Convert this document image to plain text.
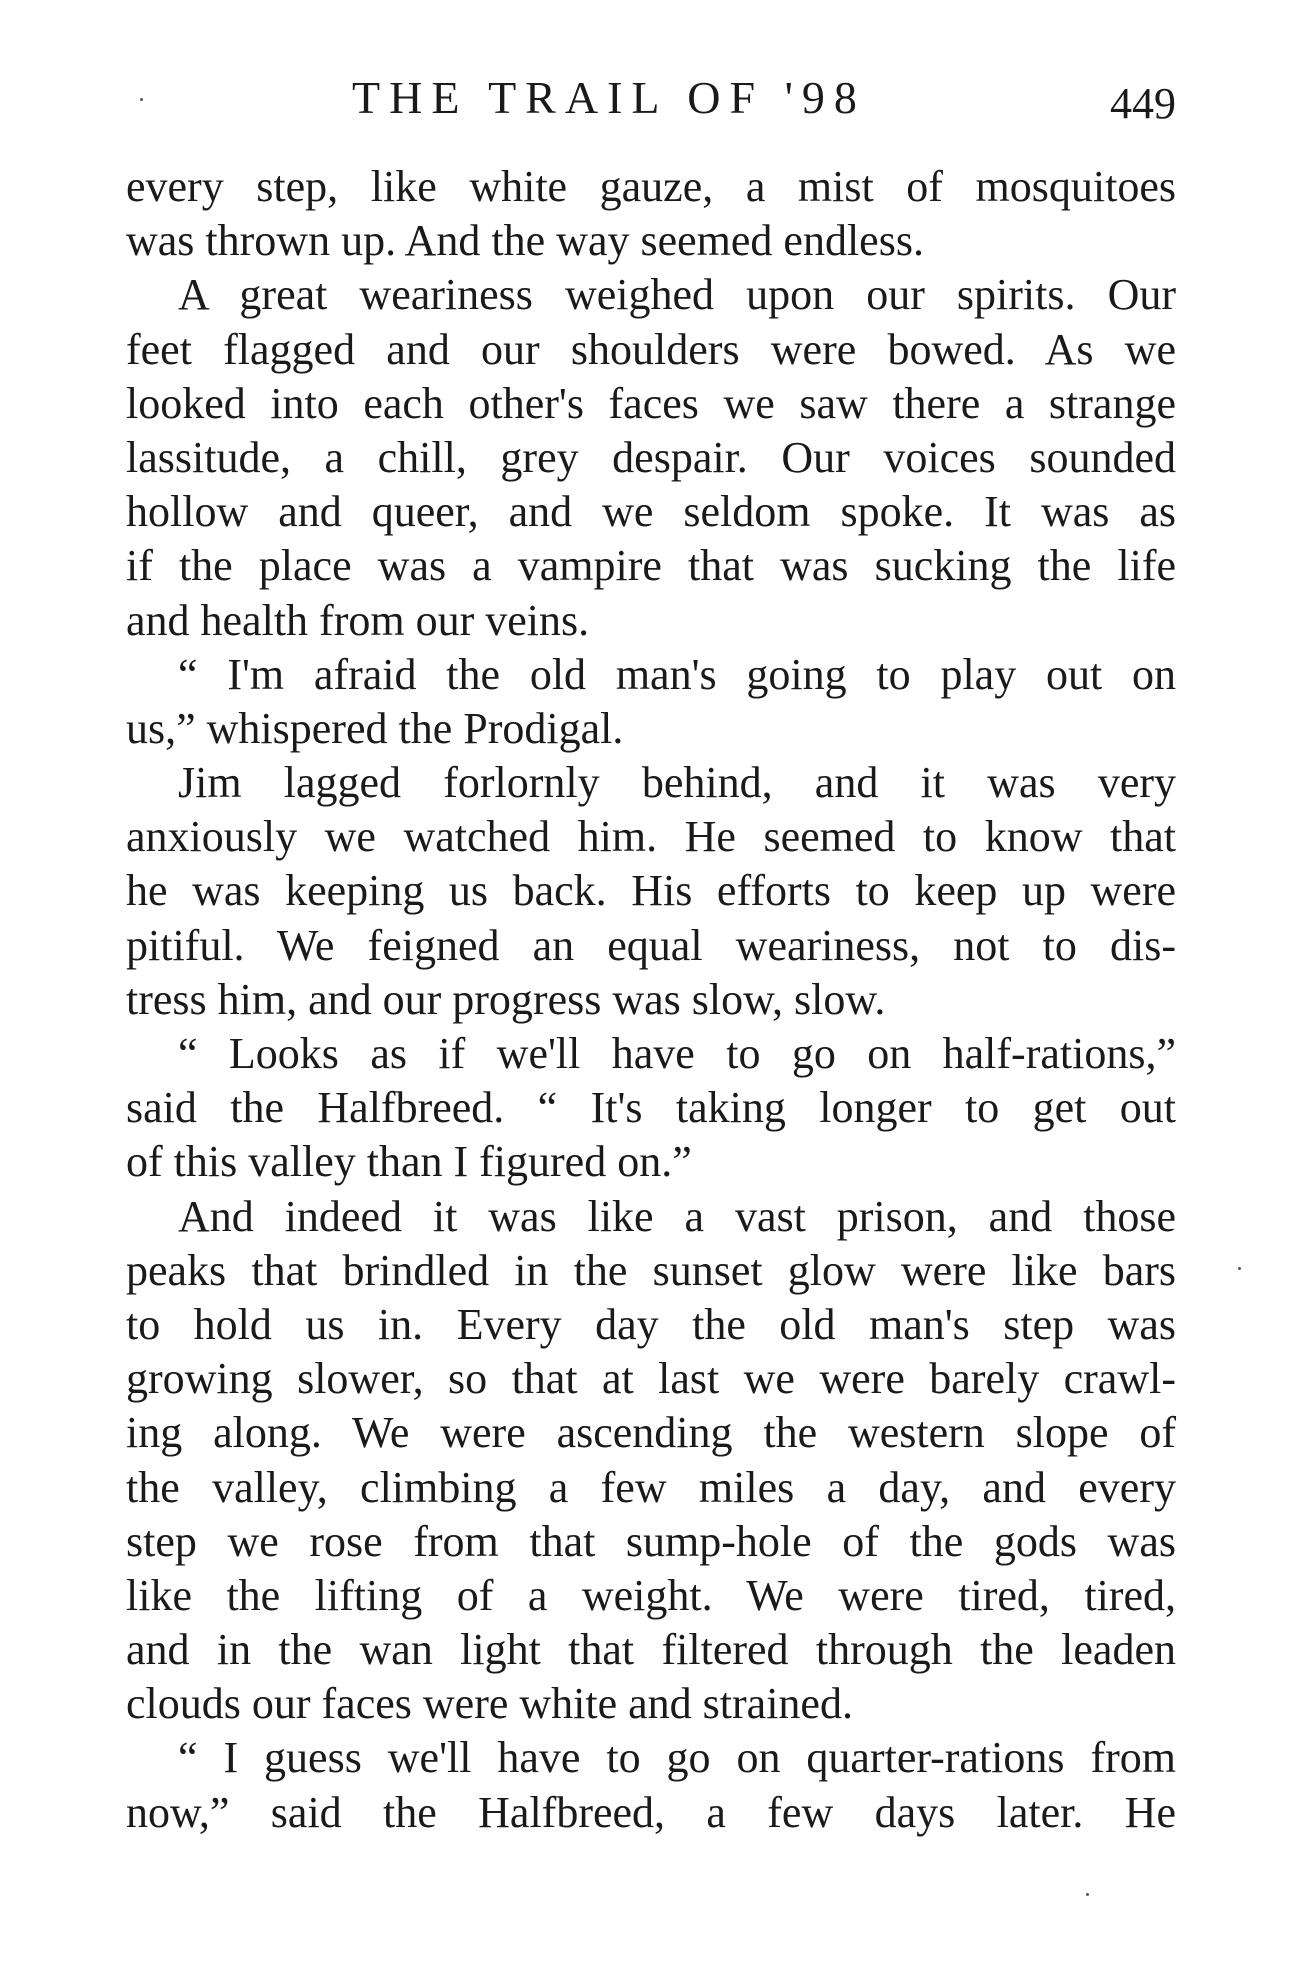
THE TRAIL OF '98	449
every step, like white gauze, a mist of mosquitoes
was thrown up. And the way seemed endless.
A great weariness weighed upon our spirits. Our
feet flagged and our shoulders were bowed. As we
looked into each other's faces we saw there a strange
lassitude, a chill, grey despair. Our voices sounded
hollow and queer, and we seldom spoke. It was as
if the place was a vampire that was sucking the life
and health from our veins.
“ I'm afraid the old man's going to play out on
us,” whispered the Prodigal.
Jim lagged forlornly behind, and it was very
anxiously we watched him. He seemed to know that
he was keeping us back. His efforts to keep up were
pitiful. We feigned an equal weariness, not to dis-
tress him, and our progress was slow, slow.
“ Looks as if we'll have to go on half-rations,”
said the Halfbreed. “ It's taking longer to get out
of this valley than I figured on.”
And indeed it was like a vast prison, and those
peaks that brindled in the sunset glow were like bars
to hold us in. Every day the old man's step was
growing slower, so that at last we were barely crawl-
ing along. We were ascending the western slope of
the valley, climbing a few miles a day, and every
step we rose from that sump-hole of the gods was
like the lifting of a weight. We were tired, tired,
and in the wan light that filtered through the leaden
clouds our faces were white and strained.
“ I guess we'll have to go on quarter-rations from
now,” said the Halfbreed, a few days later. He
